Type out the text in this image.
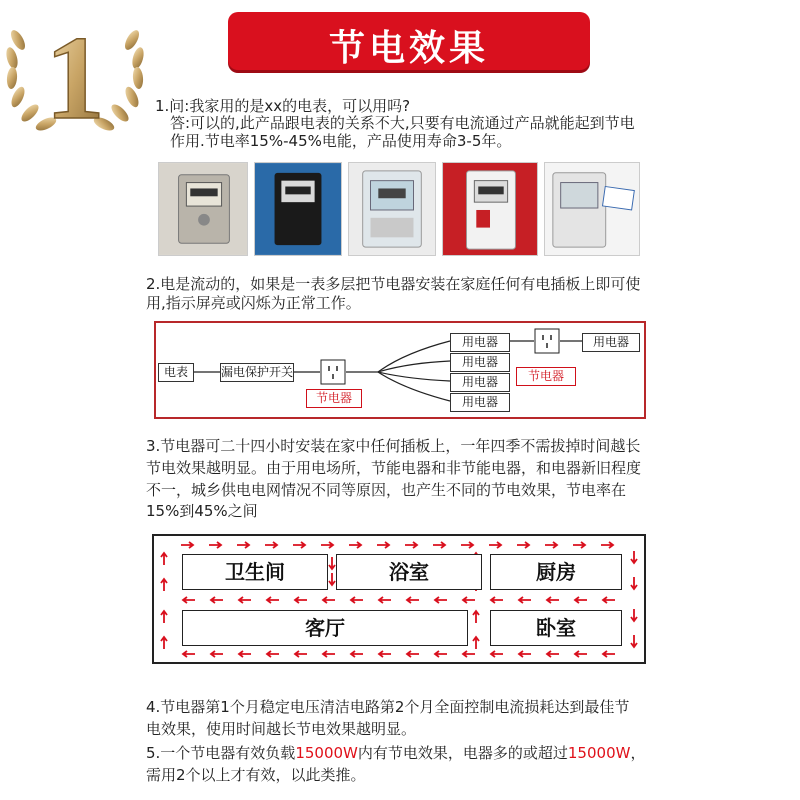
1	节电效果
1.问:我家用的是xx的电表，可以用吗?
答:可以的,此产品跟电表的关系不大,只要有电流通过产品就能起到节电
作用.节电率15%-45%电能，产品使用寿命3-5年。
2.电是流动的，如果是一表多层把节电器安装在家庭任何有电插板上即可使
用,指示屏亮或闪烁为正常工作。
电表	漏电保护开关
节电器
用电器
用电器
用电器
用电器
节电器
用电器
3.节电器可二十四小时安装在家中任何插板上，一年四季不需拔掉时间越长
节电效果越明显。由于用电场所，节能电器和非节能电器，和电器新旧程度
不一，城乡供电电网情况不同等原因，也产生不同的节电效果，节电率在
15%到45%之间
卫生间	浴室	厨房
客厅	卧室
4.节电器第1个月稳定电压清洁电路第2个月全面控制电流损耗达到最佳节
电效果，使用时间越长节电效果越明显。
5.一个节电器有效负载15000W内有节电效果，电器多的或超过15000W，
需用2个以上才有效，以此类推。
